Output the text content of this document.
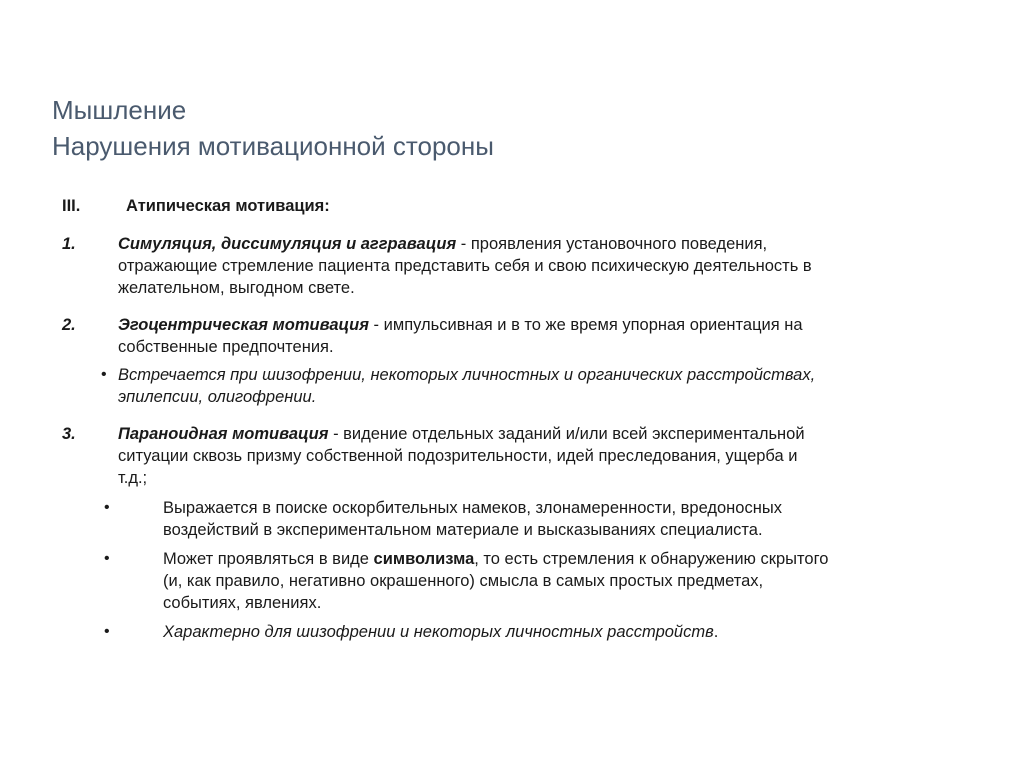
Мышление
Нарушения мотивационной стороны
III.	Атипическая мотивация:
1.	Симуляция, диссимуляция и аггравация - проявления установочного поведения,
отражающие стремление пациента представить себя и свою психическую деятельность в
желательном, выгодном свете.
2.	Эгоцентрическая мотивация - импульсивная и в то же время упорная ориентация на
собственные предпочтения.
• Встречается при шизофрении, некоторых личностных и органических расстройствах,
эпилепсии, олигофрении.
3.	Параноидная мотивация - видение отдельных заданий и/или всей экспериментальной
ситуации сквозь призму собственной подозрительности, идей преследования, ущерба и
т.д.;
•	Выражается в поиске оскорбительных намеков, злонамеренности, вредоносных
воздействий в экспериментальном материале и высказываниях специалиста.
•	Может проявляться в виде символизма, то есть стремления к обнаружению скрытого
(и, как правило, негативно окрашенного) смысла в самых простых предметах,
событиях, явлениях.
•	Характерно для шизофрении и некоторых личностных расстройств.
